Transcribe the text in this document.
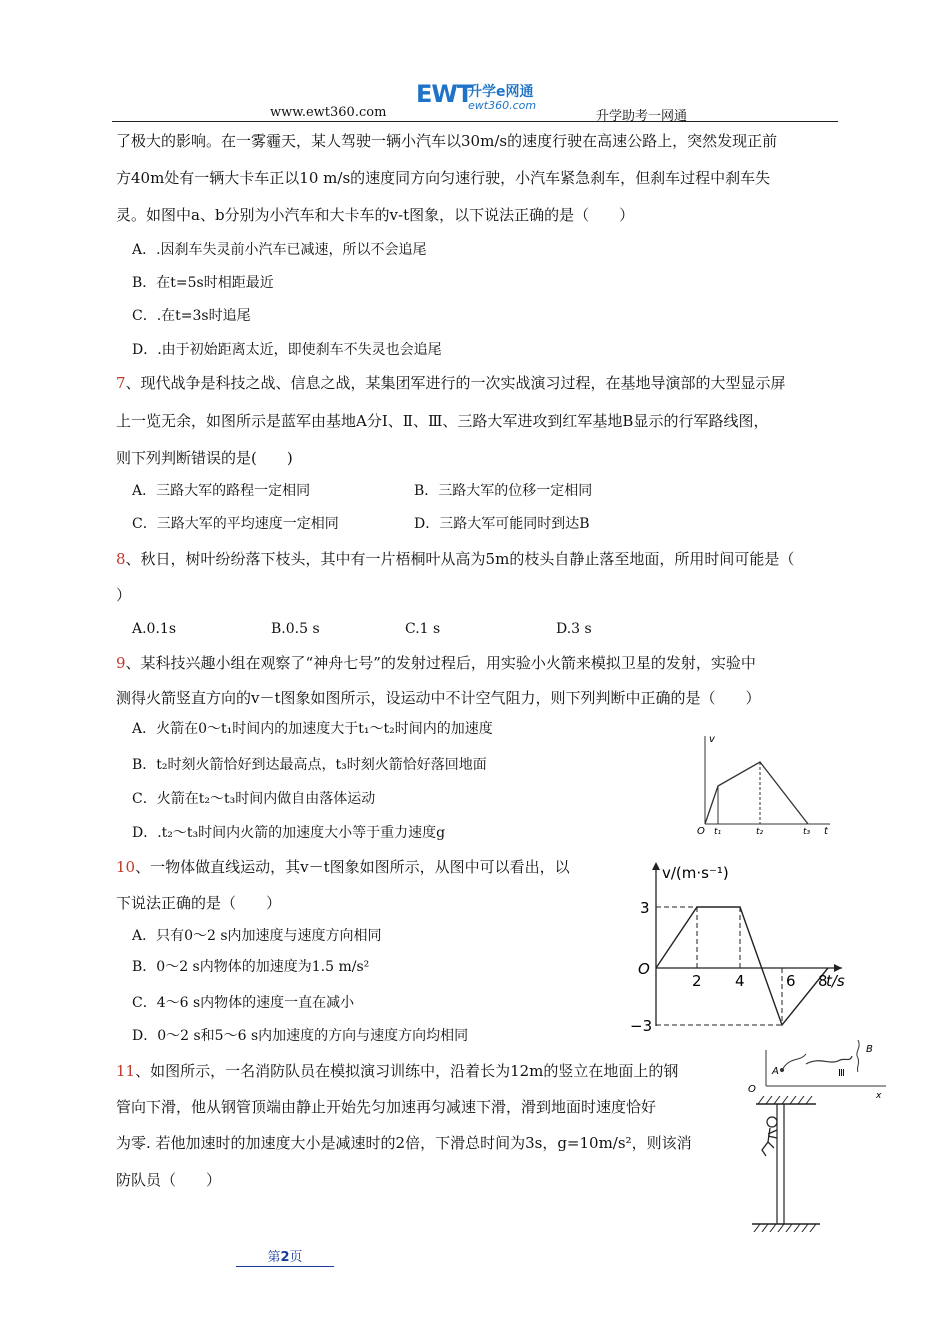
www.ewt360.com
EWT
升学e网通
ewt360.com
升学助考一网通
了极大的影响。在一雾霾天，某人驾驶一辆小汽车以30m/s的速度行驶在高速公路上，突然发现正前
方40m处有一辆大卡车正以10 m/s的速度同方向匀速行驶，小汽车紧急刹车，但刹车过程中刹车失
灵。如图中a、b分别为小汽车和大卡车的v-t图象，以下说法正确的是（　　）
A．.因刹车失灵前小汽车已减速，所以不会追尾
B．在t=5s时相距最近
C．.在t=3s时追尾
D．.由于初始距离太近，即使刹车不失灵也会追尾
7、现代战争是科技之战、信息之战，某集团军进行的一次实战演习过程，在基地导演部的大型显示屏
上一览无余，如图所示是蓝军由基地A分Ⅰ、Ⅱ、Ⅲ、三路大军进攻到红军基地B显示的行军路线图，
则下列判断错误的是(　　)
A．三路大军的路程一定相同	B．三路大军的位移一定相同
C．三路大军的平均速度一定相同	D．三路大军可能同时到达B
8、秋日，树叶纷纷落下枝头，其中有一片梧桐叶从高为5m的枝头自静止落至地面，所用时间可能是（
）
A.0.1s	B.0.5 s	C.1 s	D.3 s
9、某科技兴趣小组在观察了“神舟七号”的发射过程后，用实验小火箭来模拟卫星的发射，实验中
测得火箭竖直方向的v－t图象如图所示，设运动中不计空气阻力，则下列判断中正确的是（　　）
A．火箭在0～t₁时间内的加速度大于t₁～t₂时间内的加速度
B．t₂时刻火箭恰好到达最高点，t₃时刻火箭恰好落回地面
C．火箭在t₂～t₃时间内做自由落体运动
D．.t₂～t₃时间内火箭的加速度大小等于重力速度g
v
O t₁	t₂	t₃ t
10、一物体做直线运动，其v－t图象如图所示，从图中可以看出，以
下说法正确的是（　　）
A．只有0～2 s内加速度与速度方向相同
B．0～2 s内物体的加速度为1.5 m/s²
C．4～6 s内物体的速度一直在减小
D．0～2 s和5～6 s内加速度的方向与速度方向均相同
v/(m·s⁻¹)
t/s
O
3
−3
2 4	6 8
B
A	Ⅲ
x
11、如图所示，一名消防队员在模拟演习训练中，沿着长为12m的竖立在地面上的钢
管向下滑，他从钢管顶端由静止开始先匀加速再匀减速下滑，滑到地面时速度恰好
为零. 若他加速时的加速度大小是减速时的2倍，下滑总时间为3s，g=10m/s²，则该消
防队员（　　）
O
第2页
